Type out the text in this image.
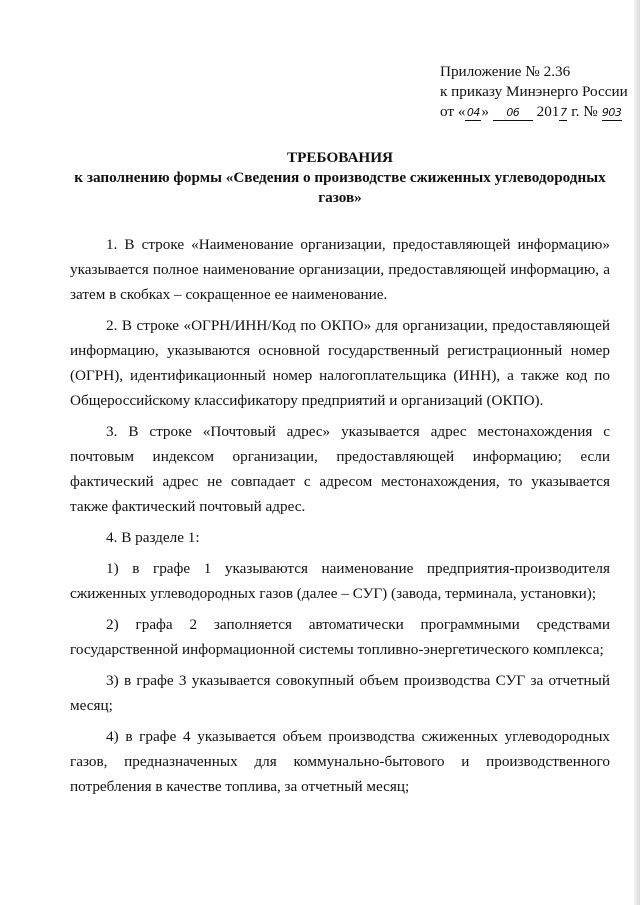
Приложение № 2.36
к приказу Минэнерго России
от « 04» 06 2017 г. № 903
ТРЕБОВАНИЯ
к заполнению формы «Сведения о производстве сжиженных углеводородных
газов»

1. В строке «Наименование организации, предоставляющей информацию» указывается полное наименование организации, предоставляющей информацию, а затем в скобках – сокращенное ее наименование.

2. В строке «ОГРН/ИНН/Код по ОКПО» для организации, предоставляющей информацию, указываются основной государственный регистрационный номер (ОГРН), идентификационный номер налогоплательщика (ИНН), а также код по Общероссийскому классификатору предприятий и организаций (ОКПО).

3. В строке «Почтовый адрес» указывается адрес местонахождения с почтовым индексом организации, предоставляющей информацию; если фактический адрес не совпадает с адресом местонахождения, то указывается также фактический почтовый адрес.

4. В разделе 1:

1) в графе 1 указываются наименование предприятия-производителя сжиженных углеводородных газов (далее – СУГ) (завода, терминала, установки);

2) графа 2 заполняется автоматически программными средствами государственной информационной системы топливно-энергетического комплекса;

3) в графе 3 указывается совокупный объем производства СУГ за отчетный месяц;

4) в графе 4 указывается объем производства сжиженных углеводородных газов, предназначенных для коммунально-бытового и производственного потребления в качестве топлива, за отчетный месяц;
